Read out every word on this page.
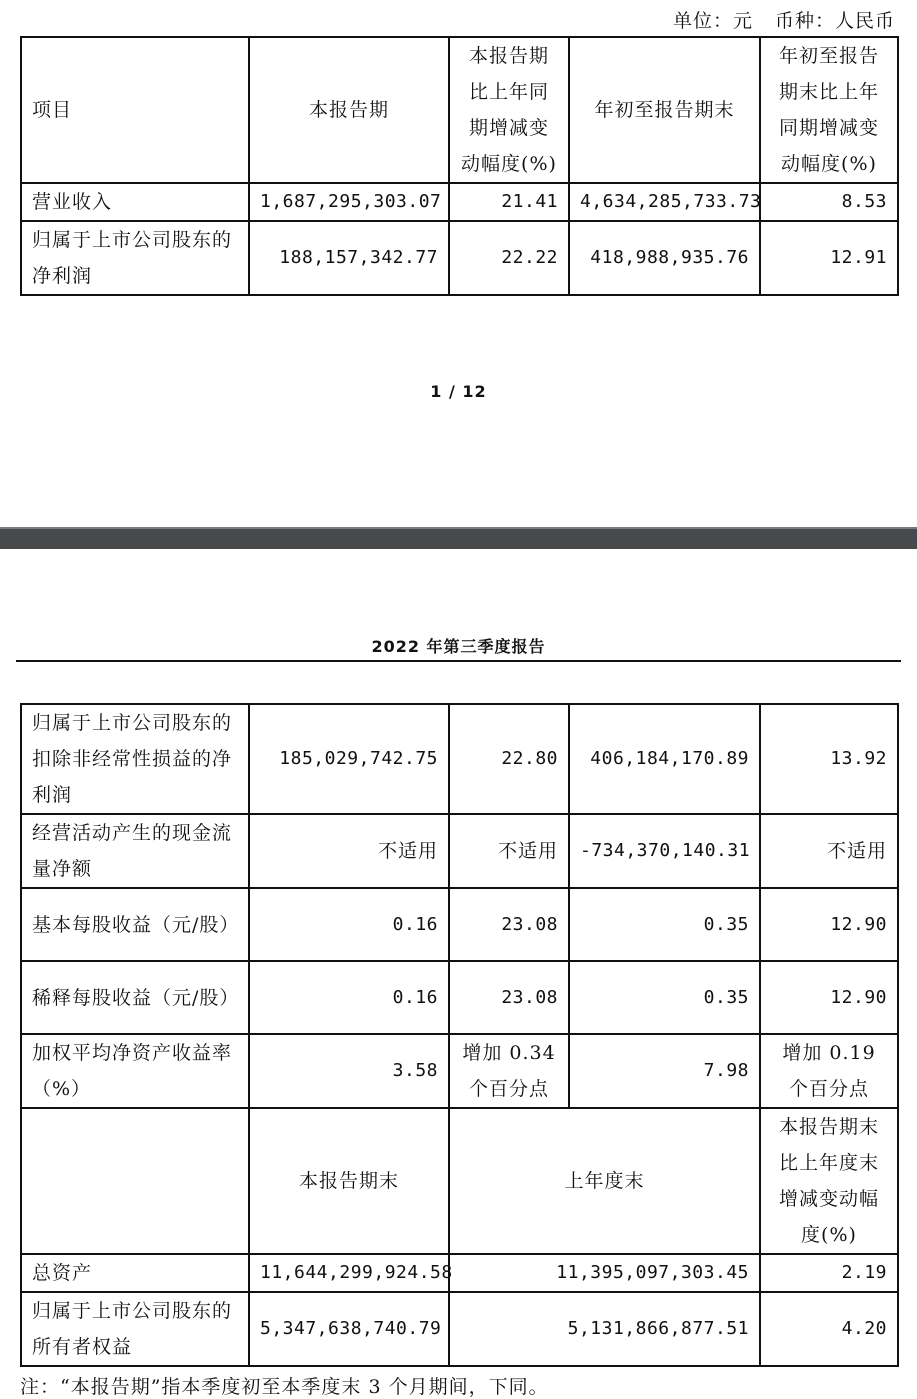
单位：元 币种：人民币
项目	本报告期	本报告期比上年同期增减变动幅度(%)	年初至报告期末	年初至报告期末比上年同期增减变动幅度(%)
营业收入	1,687,295,303.07	21.41	4,634,285,733.73	8.53
归属于上市公司股东的净利润	188,157,342.77	22.22	418,988,935.76	12.91
1 / 12
2022 年第三季度报告
归属于上市公司股东的扣除非经常性损益的净利润	185,029,742.75	22.80	406,184,170.89	13.92
经营活动产生的现金流量净额	不适用	不适用	-734,370,140.31	不适用
基本每股收益（元/股）	0.16	23.08	0.35	12.90
稀释每股收益（元/股）	0.16	23.08	0.35	12.90
加权平均净资产收益率（%）	3.58	增加 0.34 个百分点	7.98	增加 0.19 个百分点
	本报告期末	上年度末		本报告期末比上年度末增减变动幅度(%)
总资产	11,644,299,924.58	11,395,097,303.45		2.19
归属于上市公司股东的所有者权益	5,347,638,740.79	5,131,866,877.51		4.20
注：“本报告期”指本季度初至本季度末 3 个月期间，下同。
